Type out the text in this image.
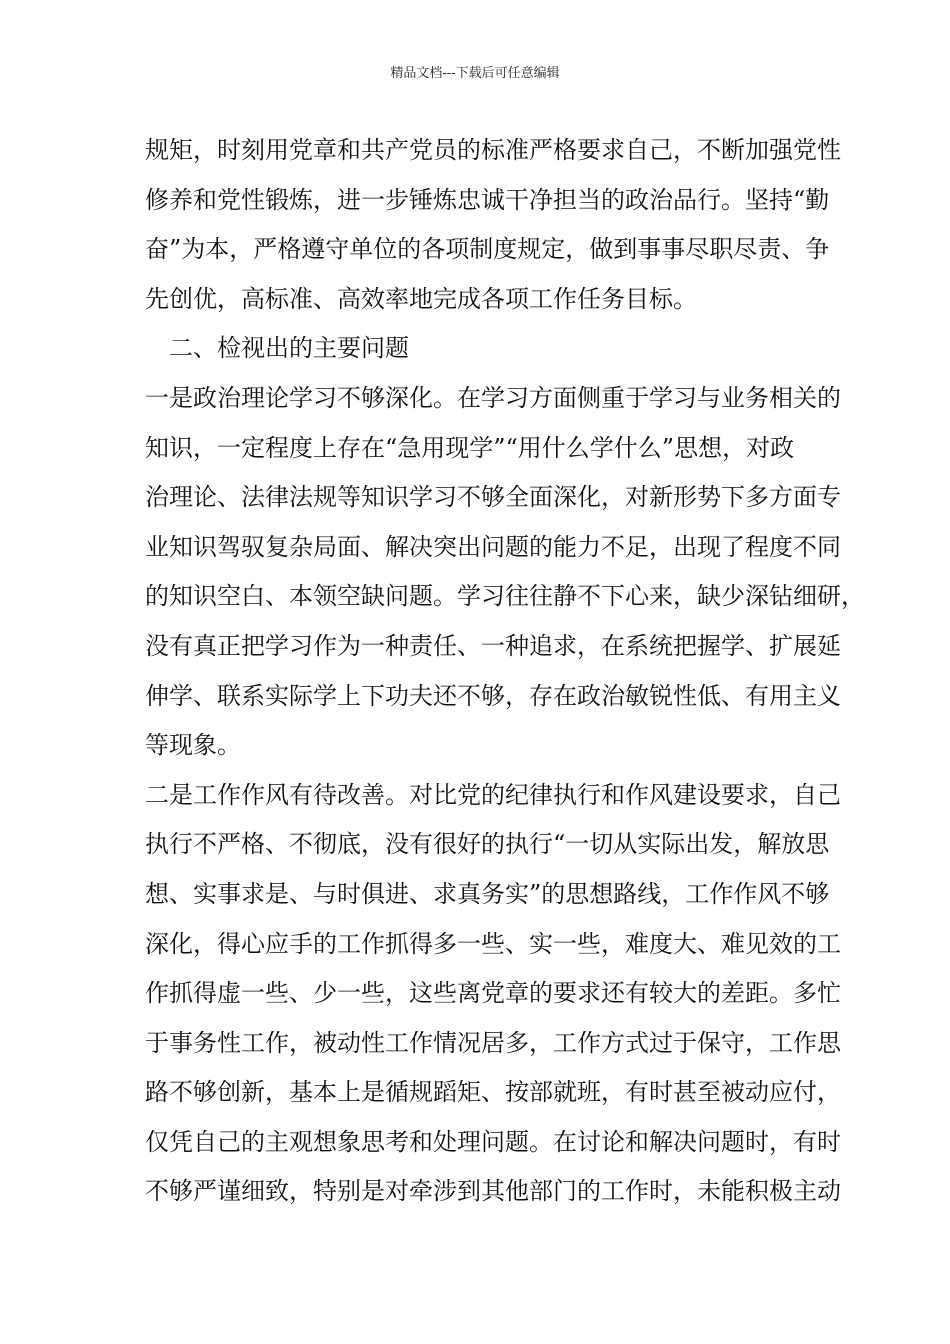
精品文档---下载后可任意编辑
规矩，时刻用党章和共产党员的标准严格要求自己，不断加强党性
修养和党性锻炼，进一步锤炼忠诚干净担当的政治品行。坚持“勤
奋”为本，严格遵守单位的各项制度规定，做到事事尽职尽责、争
先创优，高标准、高效率地完成各项工作任务目标。
二、检视出的主要问题
一是政治理论学习不够深化。在学习方面侧重于学习与业务相关的
知识，一定程度上存在“急用现学”“用什么学什么”思想，对政
治理论、法律法规等知识学习不够全面深化，对新形势下多方面专
业知识驾驭复杂局面、解决突出问题的能力不足，出现了程度不同
的知识空白、本领空缺问题。学习往往静不下心来，缺少深钻细研，
没有真正把学习作为一种责任、一种追求，在系统把握学、扩展延
伸学、联系实际学上下功夫还不够，存在政治敏锐性低、有用主义
等现象。
二是工作作风有待改善。对比党的纪律执行和作风建设要求，自己
执行不严格、不彻底，没有很好的执行“一切从实际出发，解放思
想、实事求是、与时俱进、求真务实”的思想路线，工作作风不够
深化，得心应手的工作抓得多一些、实一些，难度大、难见效的工
作抓得虚一些、少一些，这些离党章的要求还有较大的差距。多忙
于事务性工作，被动性工作情况居多，工作方式过于保守，工作思
路不够创新，基本上是循规蹈矩、按部就班，有时甚至被动应付，
仅凭自己的主观想象思考和处理问题。在讨论和解决问题时，有时
不够严谨细致，特别是对牵涉到其他部门的工作时，未能积极主动
